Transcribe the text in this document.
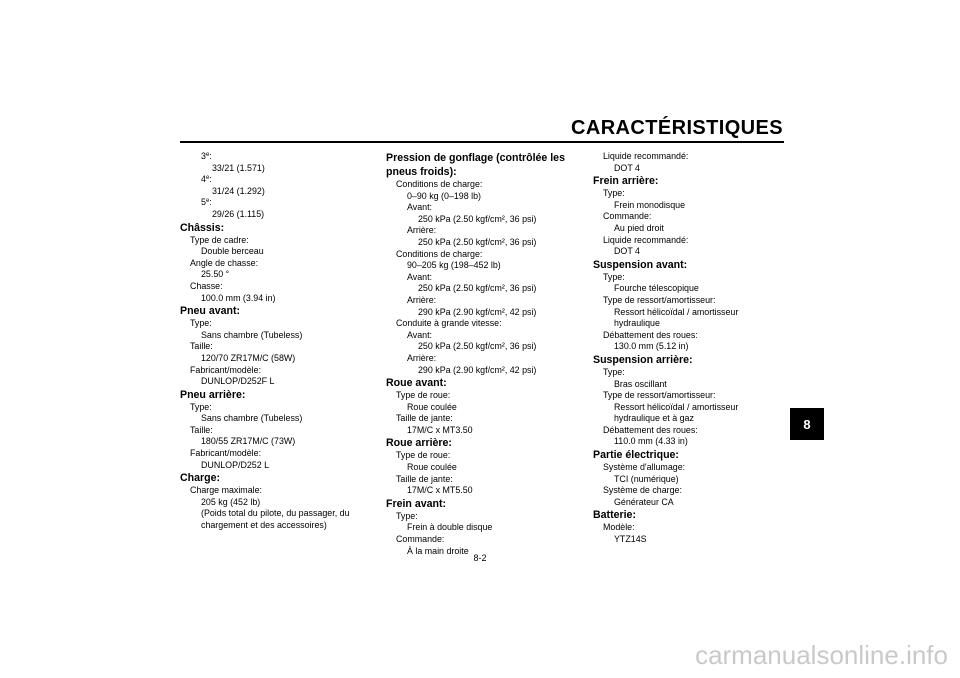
CARACTÉRISTIQUES
8
3e:
33/21 (1.571)
4e:
31/24 (1.292)
5e:
29/26 (1.115)
Châssis:
Type de cadre:
Double berceau
Angle de chasse:
25.50 °
Chasse:
100.0 mm (3.94 in)
Pneu avant:
Type:
Sans chambre (Tubeless)
Taille:
120/70 ZR17M/C (58W)
Fabricant/modèle:
DUNLOP/D252F L
Pneu arrière:
Type:
Sans chambre (Tubeless)
Taille:
180/55 ZR17M/C (73W)
Fabricant/modèle:
DUNLOP/D252 L
Charge:
Charge maximale:
205 kg (452 lb)
(Poids total du pilote, du passager, du
chargement et des accessoires)
Pression de gonflage (contrôlée les
pneus froids):
Conditions de charge:
0–90 kg (0–198 lb)
Avant:
250 kPa (2.50 kgf/cm², 36 psi)
Arrière:
250 kPa (2.50 kgf/cm², 36 psi)
Conditions de charge:
90–205 kg (198–452 lb)
Avant:
250 kPa (2.50 kgf/cm², 36 psi)
Arrière:
290 kPa (2.90 kgf/cm², 42 psi)
Conduite à grande vitesse:
Avant:
250 kPa (2.50 kgf/cm², 36 psi)
Arrière:
290 kPa (2.90 kgf/cm², 42 psi)
Roue avant:
Type de roue:
Roue coulée
Taille de jante:
17M/C x MT3.50
Roue arrière:
Type de roue:
Roue coulée
Taille de jante:
17M/C x MT5.50
Frein avant:
Type:
Frein à double disque
Commande:
À la main droite
Liquide recommandé:
DOT 4
Frein arrière:
Type:
Frein monodisque
Commande:
Au pied droit
Liquide recommandé:
DOT 4
Suspension avant:
Type:
Fourche télescopique
Type de ressort/amortisseur:
Ressort hélicoïdal / amortisseur
hydraulique
Débattement des roues:
130.0 mm (5.12 in)
Suspension arrière:
Type:
Bras oscillant
Type de ressort/amortisseur:
Ressort hélicoïdal / amortisseur
hydraulique et à gaz
Débattement des roues:
110.0 mm (4.33 in)
Partie électrique:
Système d'allumage:
TCI (numérique)
Système de charge:
Générateur CA
Batterie:
Modèle:
YTZ14S
8-2
carmanualsonline.info
